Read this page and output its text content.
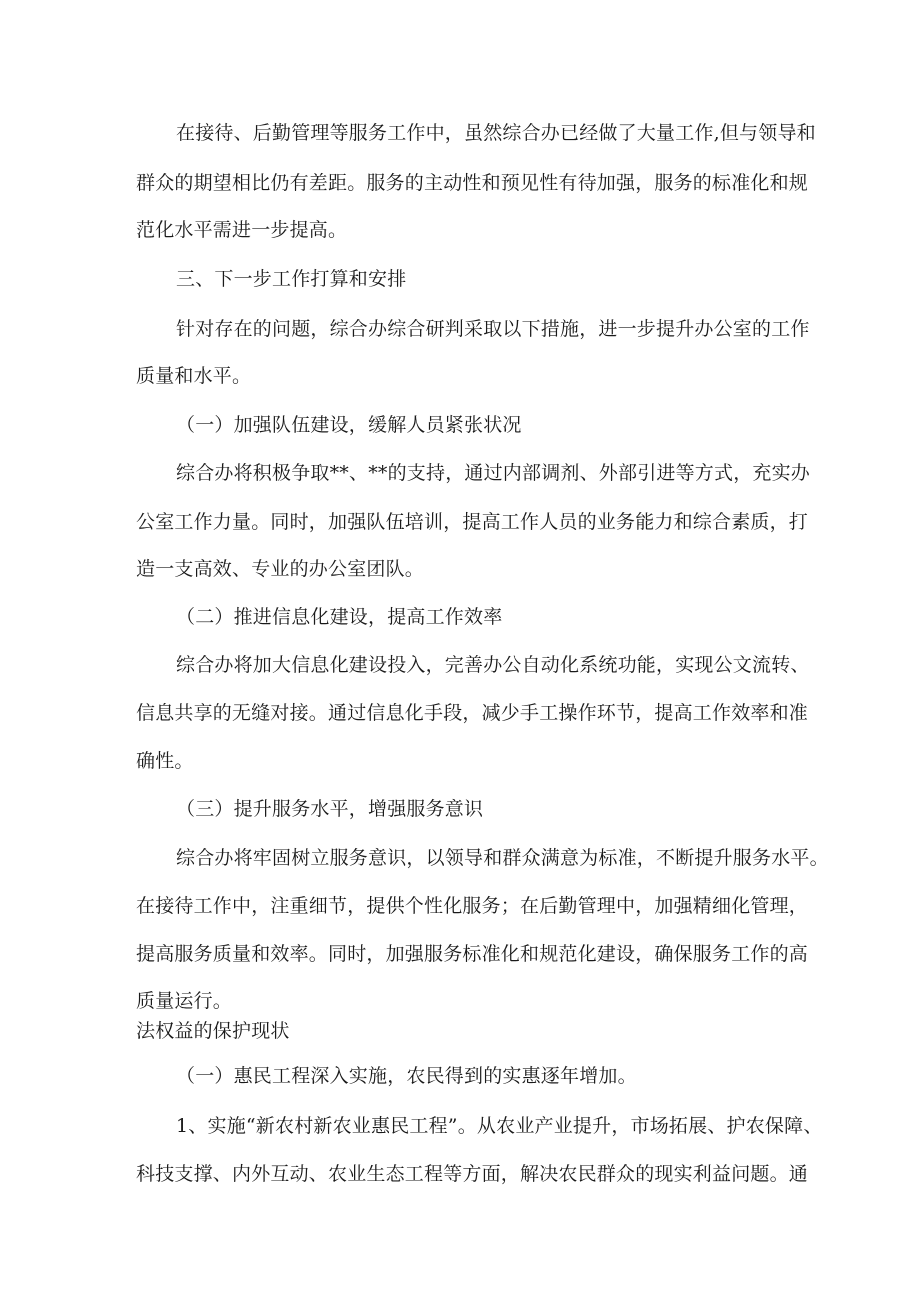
在接待、后勤管理等服务工作中，虽然综合办已经做了大量工作,但与领导和
群众的期望相比仍有差距。服务的主动性和预见性有待加强，服务的标准化和规
范化水平需进一步提高。
三、下一步工作打算和安排
针对存在的问题，综合办综合研判采取以下措施，进一步提升办公室的工作
质量和水平。
（一）加强队伍建设，缓解人员紧张状况
综合办将积极争取**、**的支持，通过内部调剂、外部引进等方式，充实办
公室工作力量。同时，加强队伍培训，提高工作人员的业务能力和综合素质，打
造一支高效、专业的办公室团队。
（二）推进信息化建设，提高工作效率
综合办将加大信息化建设投入，完善办公自动化系统功能，实现公文流转、
信息共享的无缝对接。通过信息化手段，减少手工操作环节，提高工作效率和准
确性。
（三）提升服务水平，增强服务意识
综合办将牢固树立服务意识，以领导和群众满意为标准，不断提升服务水平。
在接待工作中，注重细节，提供个性化服务；在后勤管理中，加强精细化管理，
提高服务质量和效率。同时，加强服务标准化和规范化建设，确保服务工作的高
质量运行。
法权益的保护现状
（一）惠民工程深入实施，农民得到的实惠逐年增加。
1、实施“新农村新农业惠民工程”。从农业产业提升，市场拓展、护农保障、
科技支撑、内外互动、农业生态工程等方面，解决农民群众的现实利益问题。通
